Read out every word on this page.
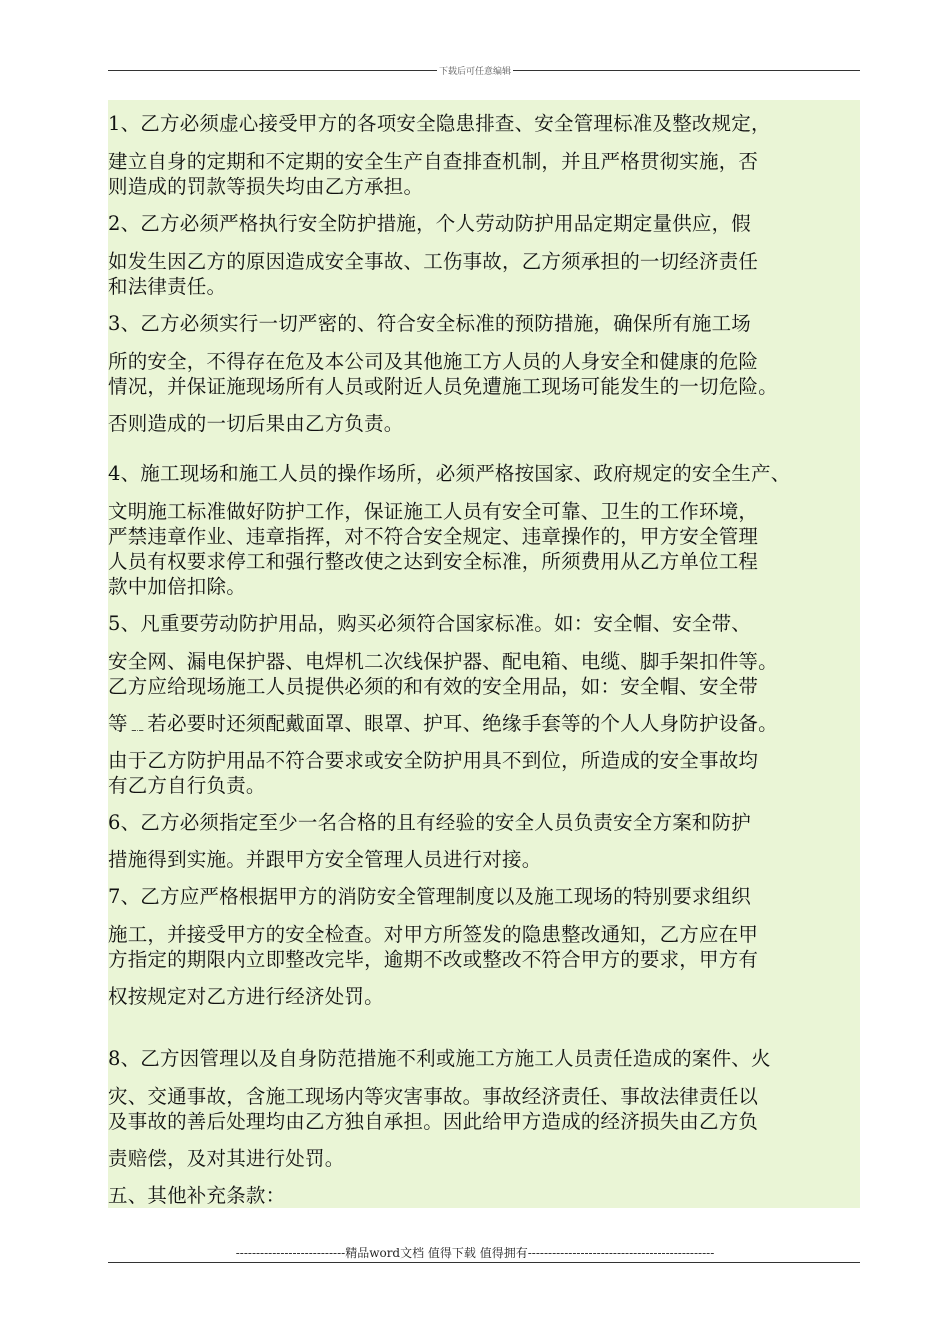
下载后可任意编辑
1、乙方必须虚心接受甲方的各项安全隐患排查、安全管理标准及整改规定，
建立自身的定期和不定期的安全生产自查排查机制，并且严格贯彻实施，否
则造成的罚款等损失均由乙方承担。
2、乙方必须严格执行安全防护措施，个人劳动防护用品定期定量供应，假
如发生因乙方的原因造成安全事故、工伤事故，乙方须承担的一切经济责任
和法律责任。
3、乙方必须实行一切严密的、符合安全标准的预防措施，确保所有施工场
所的安全，不得存在危及本公司及其他施工方人员的人身安全和健康的危险
情况，并保证施现场所有人员或附近人员免遭施工现场可能发生的一切危险。
否则造成的一切后果由乙方负责。
4、施工现场和施工人员的操作场所，必须严格按国家、政府规定的安全生产、
文明施工标准做好防护工作，保证施工人员有安全可靠、卫生的工作环境，
严禁违章作业、违章指挥，对不符合安全规定、违章操作的，甲方安全管理
人员有权要求停工和强行整改使之达到安全标准，所须费用从乙方单位工程
款中加倍扣除。
5、凡重要劳动防护用品，购买必须符合国家标准。如：安全帽、安全带、
安全网、漏电保护器、电焊机二次线保护器、配电箱、电缆、脚手架扣件等。
乙方应给现场施工人员提供必须的和有效的安全用品，如：安全帽、安全带
等﹎若必要时还须配戴面罩、眼罩、护耳、绝缘手套等的个人人身防护设备。
由于乙方防护用品不符合要求或安全防护用具不到位，所造成的安全事故均
有乙方自行负责。
6、乙方必须指定至少一名合格的且有经验的安全人员负责安全方案和防护
措施得到实施。并跟甲方安全管理人员进行对接。
7、乙方应严格根据甲方的消防安全管理制度以及施工现场的特别要求组织
施工，并接受甲方的安全检查。对甲方所签发的隐患整改通知，乙方应在甲
方指定的期限内立即整改完毕，逾期不改或整改不符合甲方的要求，甲方有
权按规定对乙方进行经济处罚。
8、乙方因管理以及自身防范措施不利或施工方施工人员责任造成的案件、火
灾、交通事故，含施工现场内等灾害事故。事故经济责任、事故法律责任以
及事故的善后处理均由乙方独自承担。因此给甲方造成的经济损失由乙方负
责赔偿，及对其进行处罚。
五、其他补充条款：
---------------------------精品word文档 值得下载 值得拥有----------------------------------------------
